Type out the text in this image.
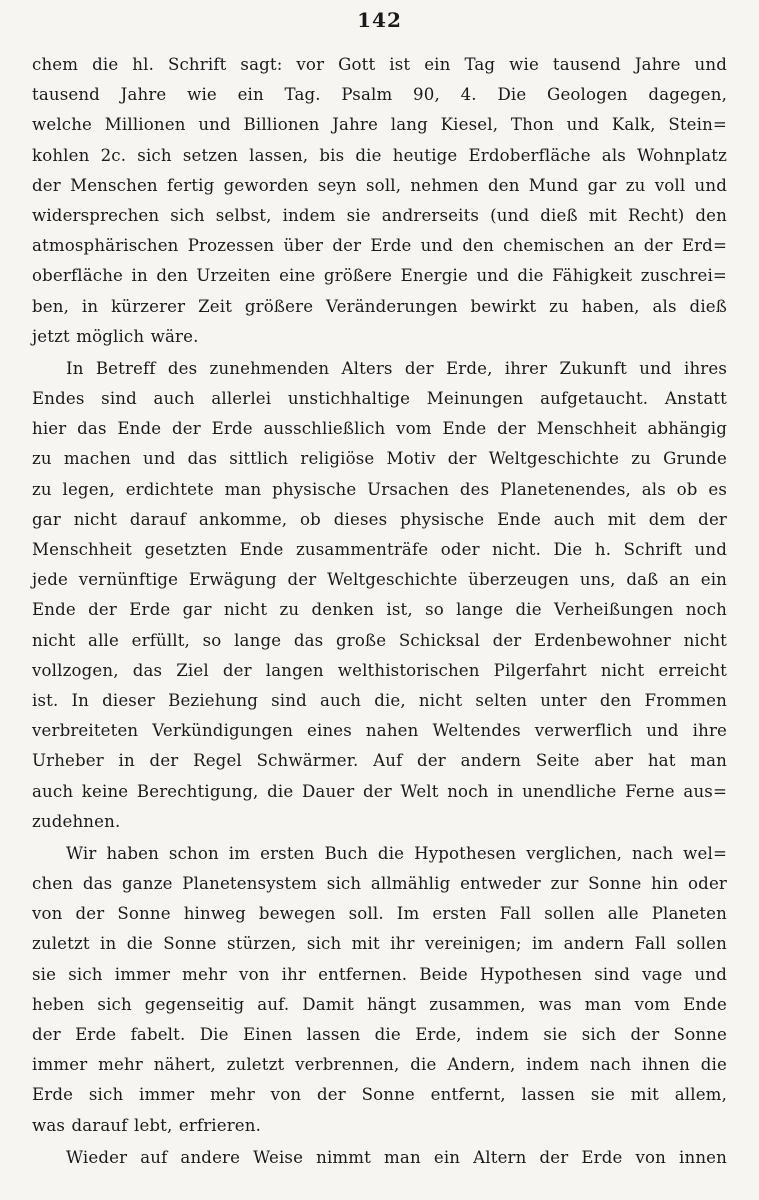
142
chem die hl. Schrift sagt: vor Gott ist ein Tag wie tausend Jahre und
tausend Jahre wie ein Tag. Psalm 90, 4. Die Geologen dagegen,
welche Millionen und Billionen Jahre lang Kiesel, Thon und Kalk, Stein=
kohlen 2c. sich setzen lassen, bis die heutige Erdoberfläche als Wohnplatz
der Menschen fertig geworden seyn soll, nehmen den Mund gar zu voll und
widersprechen sich selbst, indem sie andrerseits (und dieß mit Recht) den
atmosphärischen Prozessen über der Erde und den chemischen an der Erd=
oberfläche in den Urzeiten eine größere Energie und die Fähigkeit zuschrei=
ben, in kürzerer Zeit größere Veränderungen bewirkt zu haben, als dieß
jetzt möglich wäre.
In Betreff des zunehmenden Alters der Erde, ihrer Zukunft und ihres
Endes sind auch allerlei unstichhaltige Meinungen aufgetaucht. Anstatt
hier das Ende der Erde ausschließlich vom Ende der Menschheit abhängig
zu machen und das sittlich religiöse Motiv der Weltgeschichte zu Grunde
zu legen, erdichtete man physische Ursachen des Planetenendes, als ob es
gar nicht darauf ankomme, ob dieses physische Ende auch mit dem der
Menschheit gesetzten Ende zusammenträfe oder nicht. Die h. Schrift und
jede vernünftige Erwägung der Weltgeschichte überzeugen uns, daß an ein
Ende der Erde gar nicht zu denken ist, so lange die Verheißungen noch
nicht alle erfüllt, so lange das große Schicksal der Erdenbewohner nicht
vollzogen, das Ziel der langen welthistorischen Pilgerfahrt nicht erreicht
ist. In dieser Beziehung sind auch die, nicht selten unter den Frommen
verbreiteten Verkündigungen eines nahen Weltendes verwerflich und ihre
Urheber in der Regel Schwärmer. Auf der andern Seite aber hat man
auch keine Berechtigung, die Dauer der Welt noch in unendliche Ferne aus=
zudehnen.
Wir haben schon im ersten Buch die Hypothesen verglichen, nach wel=
chen das ganze Planetensystem sich allmählig entweder zur Sonne hin oder
von der Sonne hinweg bewegen soll. Im ersten Fall sollen alle Planeten
zuletzt in die Sonne stürzen, sich mit ihr vereinigen; im andern Fall sollen
sie sich immer mehr von ihr entfernen. Beide Hypothesen sind vage und
heben sich gegenseitig auf. Damit hängt zusammen, was man vom Ende
der Erde fabelt. Die Einen lassen die Erde, indem sie sich der Sonne
immer mehr nähert, zuletzt verbrennen, die Andern, indem nach ihnen die
Erde sich immer mehr von der Sonne entfernt, lassen sie mit allem,
was darauf lebt, erfrieren.
Wieder auf andere Weise nimmt man ein Altern der Erde von innen
